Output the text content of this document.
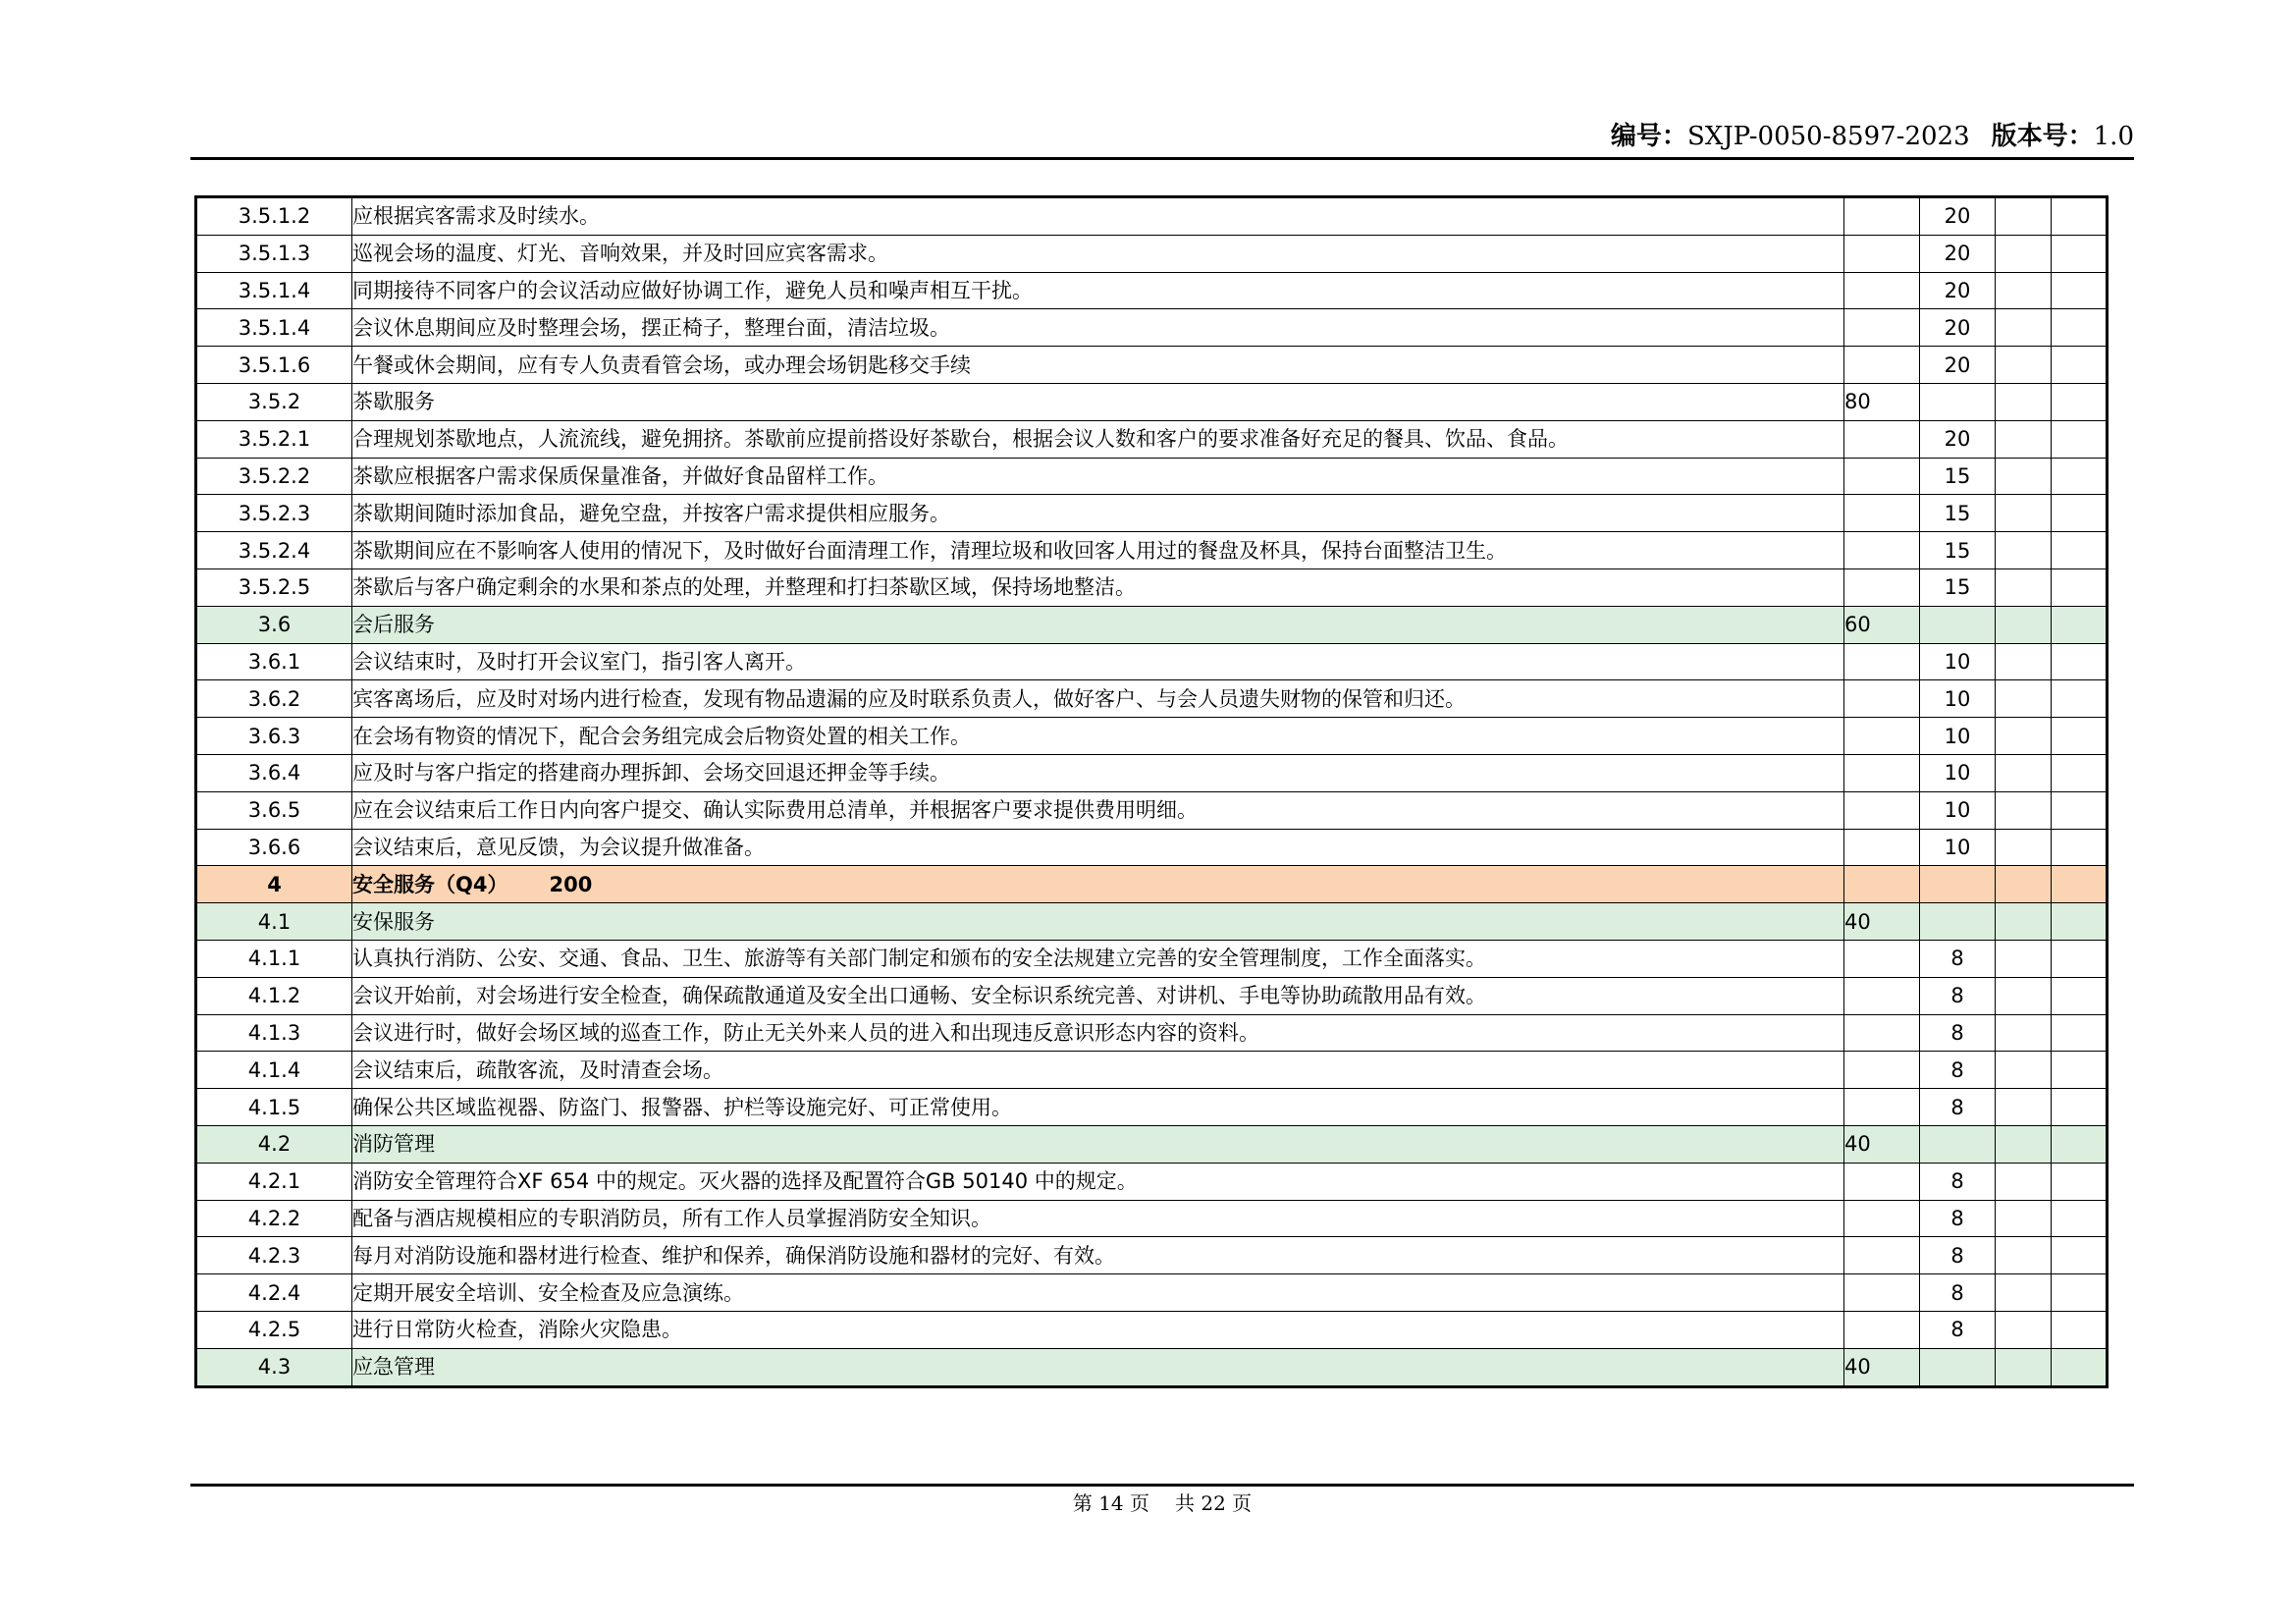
编号：SXJP-0050-8597-2023 版本号：1.0
3.5.1.2	应根据宾客需求及时续水。		20		
3.5.1.3	巡视会场的温度、灯光、音响效果，并及时回应宾客需求。		20		
3.5.1.4	同期接待不同客户的会议活动应做好协调工作，避免人员和噪声相互干扰。		20		
3.5.1.4	会议休息期间应及时整理会场，摆正椅子，整理台面，清洁垃圾。		20		
3.5.1.6	午餐或休会期间，应有专人负责看管会场，或办理会场钥匙移交手续		20		
3.5.2	茶歇服务	80			
3.5.2.1	合理规划茶歇地点，人流流线，避免拥挤。茶歇前应提前搭设好茶歇台，根据会议人数和客户的要求准备好充足的餐具、饮品、食品。		20		
3.5.2.2	茶歇应根据客户需求保质保量准备，并做好食品留样工作。		15		
3.5.2.3	茶歇期间随时添加食品，避免空盘，并按客户需求提供相应服务。		15		
3.5.2.4	茶歇期间应在不影响客人使用的情况下，及时做好台面清理工作，清理垃圾和收回客人用过的餐盘及杯具，保持台面整洁卫生。		15		
3.5.2.5	茶歇后与客户确定剩余的水果和茶点的处理，并整理和打扫茶歇区域，保持场地整洁。		15		
3.6	会后服务	60			
3.6.1	会议结束时，及时打开会议室门，指引客人离开。		10		
3.6.2	宾客离场后，应及时对场内进行检查，发现有物品遗漏的应及时联系负责人，做好客户、与会人员遗失财物的保管和归还。		10		
3.6.3	在会场有物资的情况下，配合会务组完成会后物资处置的相关工作。		10		
3.6.4	应及时与客户指定的搭建商办理拆卸、会场交回退还押金等手续。		10		
3.6.5	应在会议结束后工作日内向客户提交、确认实际费用总清单，并根据客户要求提供费用明细。		10		
3.6.6	会议结束后，意见反馈，为会议提升做准备。		10		
4	安全服务（Q4） 200				
4.1	安保服务	40			
4.1.1	认真执行消防、公安、交通、食品、卫生、旅游等有关部门制定和颁布的安全法规建立完善的安全管理制度，工作全面落实。		8		
4.1.2	会议开始前，对会场进行安全检查，确保疏散通道及安全出口通畅、安全标识系统完善、对讲机、手电等协助疏散用品有效。		8		
4.1.3	会议进行时，做好会场区域的巡查工作，防止无关外来人员的进入和出现违反意识形态内容的资料。		8		
4.1.4	会议结束后，疏散客流，及时清查会场。		8		
4.1.5	确保公共区域监视器、防盗门、报警器、护栏等设施完好、可正常使用。		8		
4.2	消防管理	40			
4.2.1	消防安全管理符合XF 654 中的规定。灭火器的选择及配置符合GB 50140 中的规定。		8		
4.2.2	配备与酒店规模相应的专职消防员，所有工作人员掌握消防安全知识。		8		
4.2.3	每月对消防设施和器材进行检查、维护和保养，确保消防设施和器材的完好、有效。		8		
4.2.4	定期开展安全培训、安全检查及应急演练。		8		
4.2.5	进行日常防火检查，消除火灾隐患。		8		
4.3	应急管理	40			
第 14 页 共 22 页
